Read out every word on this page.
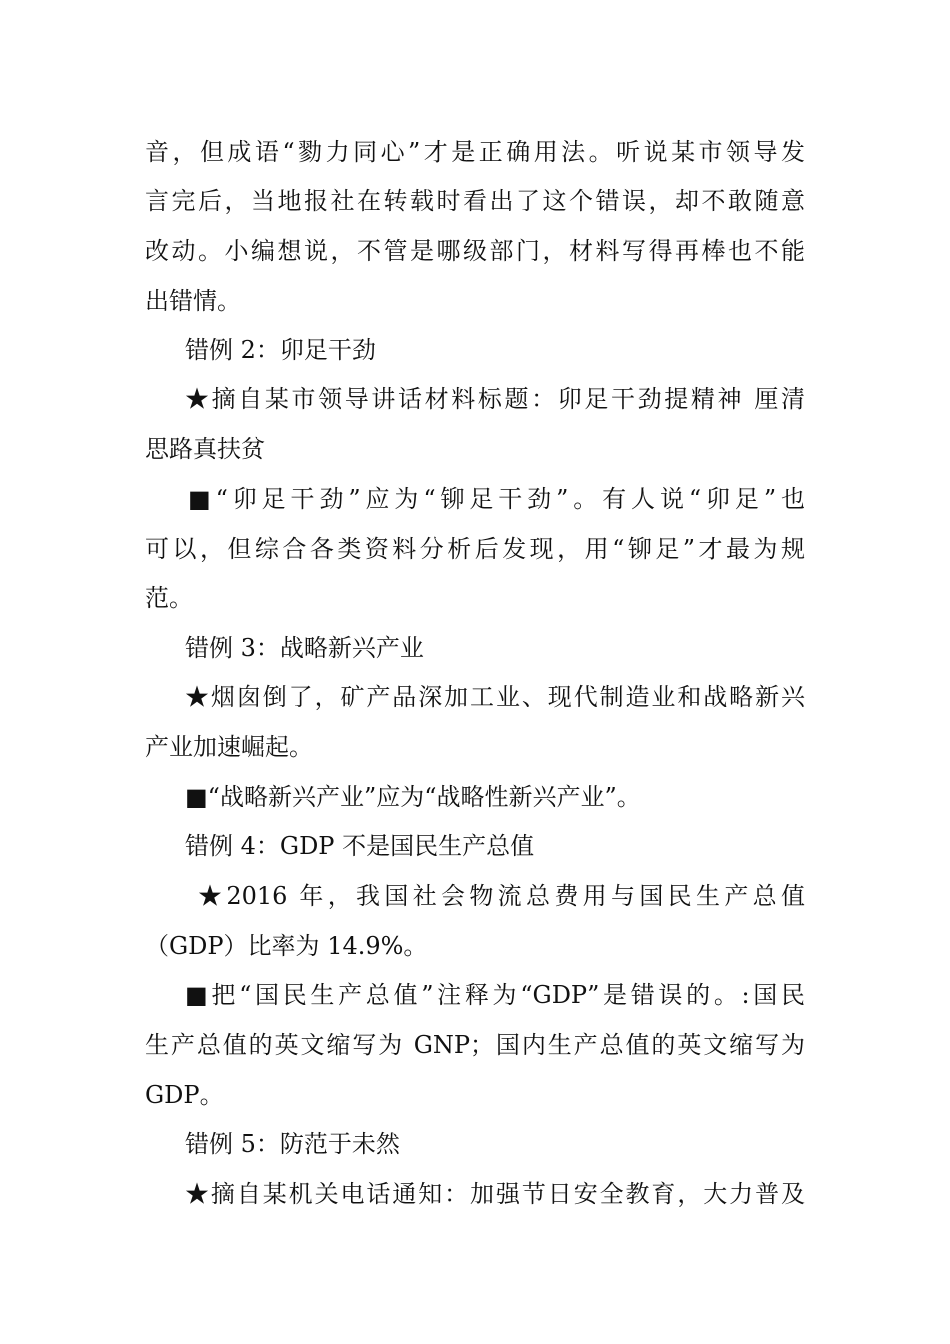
音，但成语“勠力同心”才是正确用法。听说某市领导发
言完后，当地报社在转载时看出了这个错误，却不敢随意
改动。小编想说，不管是哪级部门，材料写得再棒也不能
出错情。
错例 2：卯足干劲
★摘自某市领导讲话材料标题：卯足干劲提精神 厘清
思路真扶贫
■“卯足干劲”应为“铆足干劲”。有人说“卯足”也
可以，但综合各类资料分析后发现，用“铆足”才最为规
范。
错例 3：战略新兴产业
★烟囱倒了，矿产品深加工业、现代制造业和战略新兴
产业加速崛起。
■“战略新兴产业”应为“战略性新兴产业”。
错例 4：GDP 不是国民生产总值
★2016 年，我国社会物流总费用与国民生产总值
（GDP）比率为 14.9%。
■把“国民生产总值”注释为“GDP”是错误的。:国民
生产总值的英文缩写为 GNP；国内生产总值的英文缩写为
GDP。
错例 5：防范于未然
★摘自某机关电话通知：加强节日安全教育，大力普及
